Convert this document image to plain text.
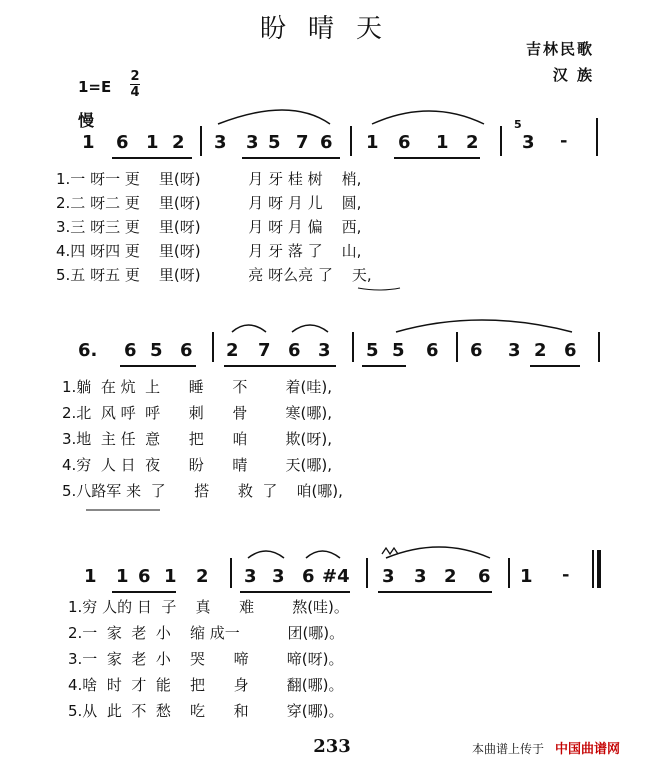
盼晴天
吉林民歌
汉 族
1=E
2
4
慢
1 6 1 2 3 3 5 7 6 1 6 1 2
5
3 -
1.一 呀一 更    里(呀)          月 牙 桂 树    梢,
2.二 呀二 更    里(呀)          月 呀 月 儿    圆,
3.三 呀三 更    里(呀)          月 呀 月 偏    西,
4.四 呀四 更    里(呀)          月 牙 落 了    山,
5.五 呀五 更    里(呀)          亮 呀么亮 了    天,
6. 6 5 6 2 7 6 3 5 5 6 6 3 2 6
1.躺  在 炕  上      睡      不        着(哇),
2.北  风 呼  呼      刺      骨        寒(哪),
3.地  主 任  意      把      咱        欺(呀),
4.穷  人 日  夜      盼      晴        天(哪),
5.八路军 来  了      搭      救  了    咱(哪),
1 1 6 1 2 3 3 6 #4 3 3 2 6 1 -
1.穷 人的 日  子    真      难        熬(哇)。
2.一  家  老  小    缩 成一          团(哪)。
3.一  家  老  小    哭      啼        啼(呀)。
4.啥  时  才  能    把      身        翻(哪)。
5.从  此  不  愁    吃      和        穿(哪)。
233	本曲谱上传于 中国曲谱网
